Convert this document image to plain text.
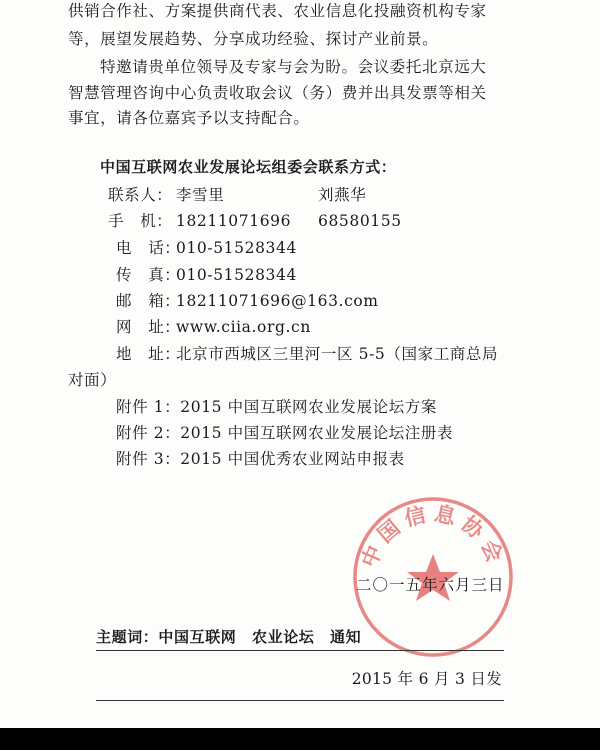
供销合作社、方案提供商代表、农业信息化投融资机构专家
等，展望发展趋势、分享成功经验、探讨产业前景。
特邀请贵单位领导及专家与会为盼。会议委托北京远大
智慧管理咨询中心负责收取会议（务）费并出具发票等相关
事宜，请各位嘉宾予以支持配合。
中国互联网农业发展论坛组委会联系方式：
联系人： 李雪里	刘燕华
手　机： 18211071696 68580155
电　话：
010-51528344
传　真：
010-51528344
邮　箱：
18211071696@163.com
网　址：
www.ciia.org.cn
地　址：
北京市西城区三里河一区 5-5（国家工商总局
对面）
附件 1：2015 中国互联网农业发展论坛方案
附件 2：2015 中国互联网农业发展论坛注册表
附件 3：2015 中国优秀农业网站申报表
中国信息协会
二〇一五年六月三日
主题词：中国互联网　农业论坛　通知
2015 年 6 月 3 日发
